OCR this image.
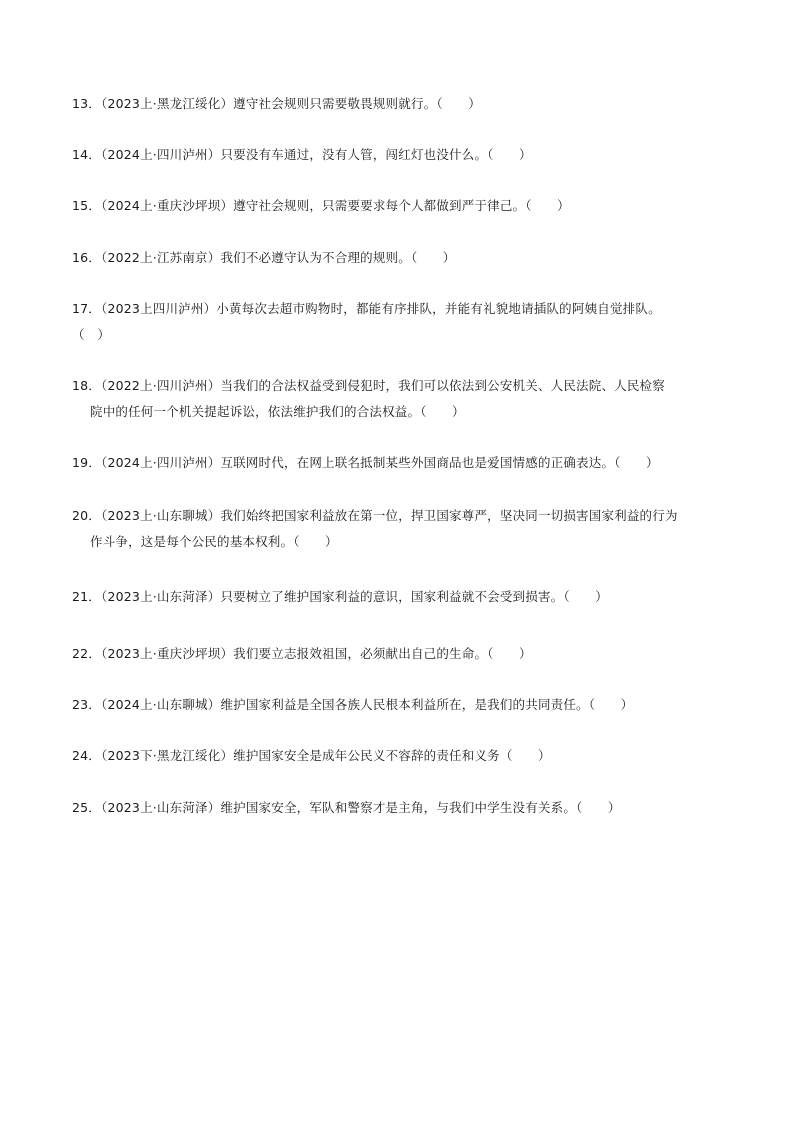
13．（2023上·黑龙江绥化）遵守社会规则只需要敬畏规则就行。（　　）
14．（2024上·四川泸州）只要没有车通过，没有人管，闯红灯也没什么。（　　）
15．（2024上·重庆沙坪坝）遵守社会规则，只需要要求每个人都做到严于律己。（　　）
16．（2022上·江苏南京）我们不必遵守认为不合理的规则。（　　）
17．（2023上四川泸州）小黄每次去超市购物时，都能有序排队，并能有礼貌地请插队的阿姨自觉排队。
（　）
18．（2022上·四川泸州）当我们的合法权益受到侵犯时，我们可以依法到公安机关、人民法院、人民检察
院中的任何一个机关提起诉讼，依法维护我们的合法权益。（　　）
19．（2024上·四川泸州）互联网时代，在网上联名抵制某些外国商品也是爱国情感的正确表达。（　　）
20．（2023上·山东聊城）我们始终把国家利益放在第一位，捍卫国家尊严，坚决同一切损害国家利益的行为
作斗争，这是每个公民的基本权利。（　　）
21．（2023上·山东菏泽）只要树立了维护国家利益的意识，国家利益就不会受到损害。（　　）
22．（2023上·重庆沙坪坝）我们要立志报效祖国，必须献出自己的生命。（　　）
23．（2024上·山东聊城）维护国家利益是全国各族人民根本利益所在，是我们的共同责任。（　　）
24．（2023下·黑龙江绥化）维护国家安全是成年公民义不容辞的责任和义务（　　）
25．（2023上·山东菏泽）维护国家安全，军队和警察才是主角，与我们中学生没有关系。（　　）
